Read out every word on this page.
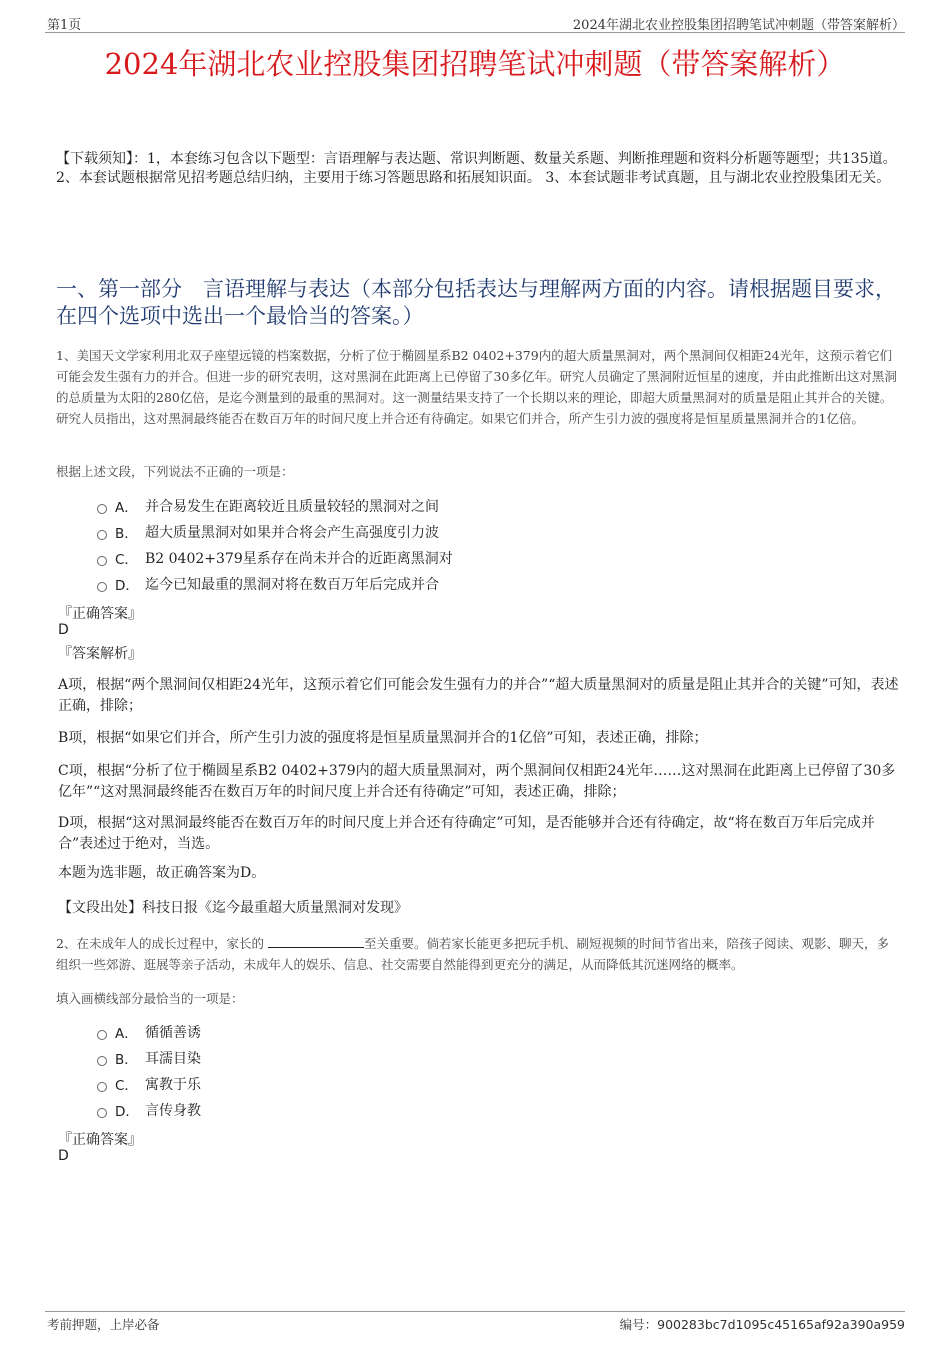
第1页	2024年湖北农业控股集团招聘笔试冲刺题（带答案解析）
2024年湖北农业控股集团招聘笔试冲刺题（带答案解析）
【下载须知】：1，本套练习包含以下题型：言语理解与表达题、常识判断题、数量关系题、判断推理题和资料分析题等题型；共135道。2、本套试题根据常见招考题总结归纳，主要用于练习答题思路和拓展知识面。 3、本套试题非考试真题，且与湖北农业控股集团无关。
一、第一部分　言语理解与表达（本部分包括表达与理解两方面的内容。请根据题目要求，在四个选项中选出一个最恰当的答案。）
1、美国天文学家利用北双子座望远镜的档案数据，分析了位于椭圆星系B2 0402+379内的超大质量黑洞对，两个黑洞间仅相距24光年，这预示着它们可能会发生强有力的并合。但进一步的研究表明，这对黑洞在此距离上已停留了30多亿年。研究人员确定了黑洞附近恒星的速度，并由此推断出这对黑洞的总质量为太阳的280亿倍，是迄今测量到的最重的黑洞对。这一测量结果支持了一个长期以来的理论，即超大质量黑洞对的质量是阻止其并合的关键。研究人员指出，这对黑洞最终能否在数百万年的时间尺度上并合还有待确定。如果它们并合，所产生引力波的强度将是恒星质量黑洞并合的1亿倍。
根据上述文段，下列说法不正确的一项是：
A． 并合易发生在距离较近且质量较轻的黑洞对之间
B． 超大质量黑洞对如果并合将会产生高强度引力波
C． B2 0402+379星系存在尚未并合的近距离黑洞对
D． 迄今已知最重的黑洞对将在数百万年后完成并合
『正确答案』
D
『答案解析』
A项，根据“两个黑洞间仅相距24光年，这预示着它们可能会发生强有力的并合”“超大质量黑洞对的质量是阻止其并合的关键”可知，表述正确，排除；
B项，根据“如果它们并合，所产生引力波的强度将是恒星质量黑洞并合的1亿倍”可知，表述正确，排除；
C项，根据“分析了位于椭圆星系B2 0402+379内的超大质量黑洞对，两个黑洞间仅相距24光年……这对黑洞在此距离上已停留了30多亿年”“这对黑洞最终能否在数百万年的时间尺度上并合还有待确定”可知，表述正确，排除；
D项，根据“这对黑洞最终能否在数百万年的时间尺度上并合还有待确定”可知，是否能够并合还有待确定，故“将在数百万年后完成并合”表述过于绝对，当选。
本题为选非题，故正确答案为D。
【文段出处】科技日报《迄今最重超大质量黑洞对发现》
2、在未成年人的成长过程中，家长的	至关重要。倘若家长能更多把玩手机、刷短视频的时间节省出来，陪孩子阅读、观影、聊天，多组织一些郊游、逛展等亲子活动，未成年人的娱乐、信息、社交需要自然能得到更充分的满足，从而降低其沉迷网络的概率。
填入画横线部分最恰当的一项是：
A． 循循善诱
B． 耳濡目染
C． 寓教于乐
D． 言传身教
『正确答案』
D
考前押题，上岸必备	编号：900283bc7d1095c45165af92a390a959
